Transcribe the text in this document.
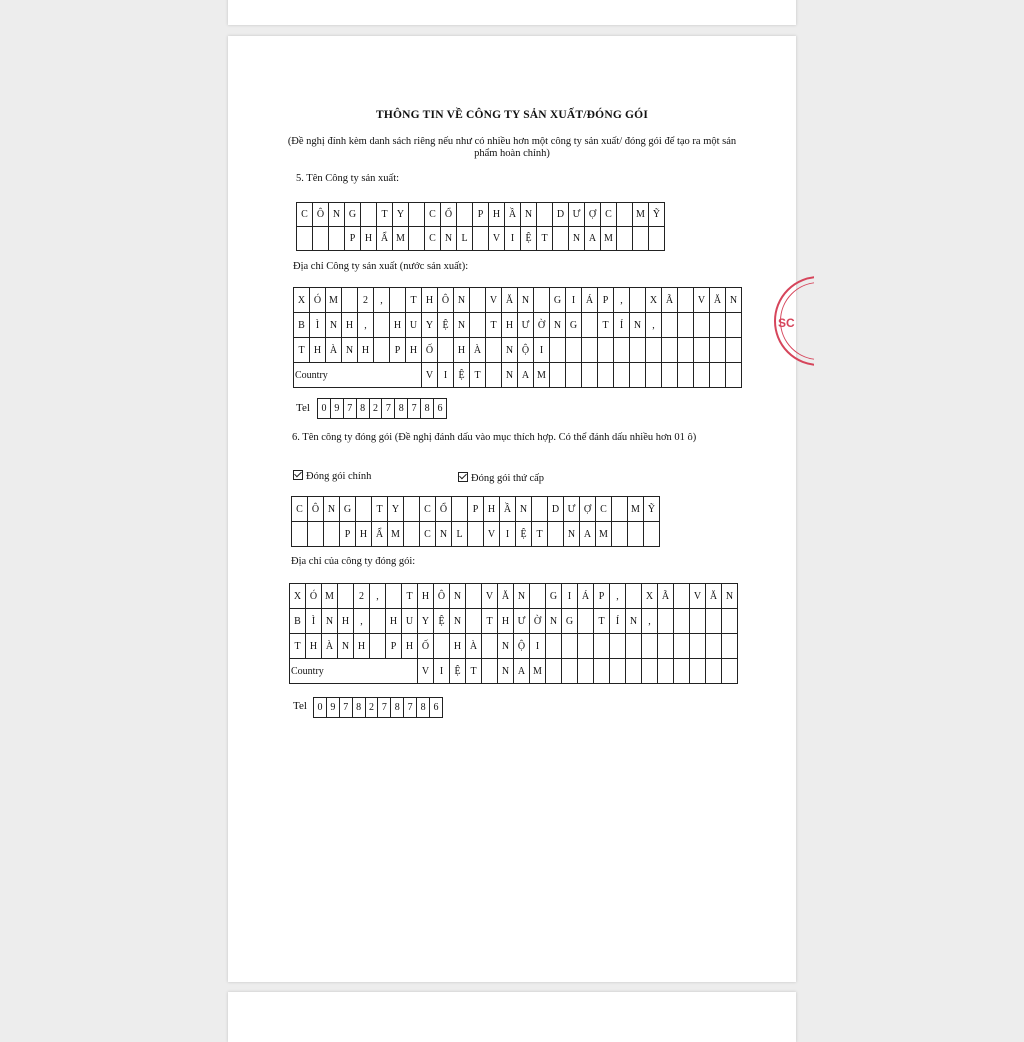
THÔNG TIN VỀ CÔNG TY SẢN XUẤT/ĐÓNG GÓI
(Đề nghị đính kèm danh sách riêng nếu như có nhiều hơn một công ty sản xuất/ đóng gói để tạo ra một sản phẩm hoàn chỉnh)
5. Tên Công ty sản xuất:
C	Ô	N	G		T	Y		C	Ổ		P	H	Ầ	N		D	Ư	Ợ	C		M	Ỹ
			P	H	Ẩ	M		C	N	L		V	I	Ệ	T		N	A	M			
Địa chỉ Công ty sản xuất (nước sản xuất):
X	Ó	M		2	,		T	H	Ô	N		V	Ă	N		G	I	Á	P	,		X	Ã		V	Ă	N
B	Ì	N	H	,		H	U	Y	Ệ	N		T	H	Ư	Ờ	N	G		T	Í	N	,					
T	H	À	N	H		P	H	Ố		H	À		N	Ộ	I												
Country								V	I	Ệ	T		N	A	M												
Tel 0	9	7	8	2	7	8	7	8	6
6. Tên công ty đóng gói (Đề nghị đánh dấu vào mục thích hợp. Có thể đánh dấu nhiều hơn 01 ô)
Đóng gói chính	Đóng gói thứ cấp
C	Ô	N	G		T	Y		C	Ổ		P	H	Ầ	N		D	Ư	Ợ	C		M	Ỹ
			P	H	Ẩ	M		C	N	L		V	I	Ệ	T		N	A	M			
Địa chỉ của công ty đóng gói:
X	Ó	M		2	,		T	H	Ô	N		V	Ă	N		G	I	Á	P	,		X	Ã		V	Ă	N
B	Ì	N	H	,		H	U	Y	Ệ	N		T	H	Ư	Ờ	N	G		T	Í	N	,					
T	H	À	N	H		P	H	Ố		H	À		N	Ộ	I												
Country								V	I	Ệ	T		N	A	M												
Tel 0	9	7	8	2	7	8	7	8	6
SC
